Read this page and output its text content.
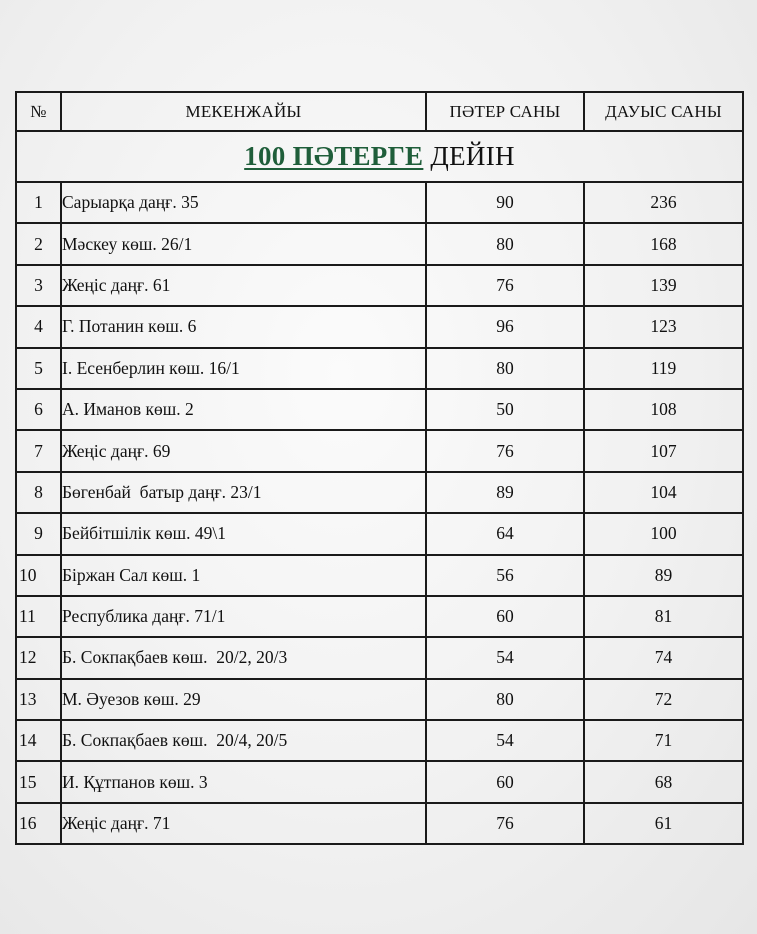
№	МЕКЕНЖАЙЫ	ПӘТЕР САНЫ	ДАУЫС САНЫ
100 ПӘТЕРГЕ ДЕЙІН			
1	Сарыарқа даңғ. 35	90	236
2	Мәскеу көш. 26/1	80	168
3	Жеңіс даңғ. 61	76	139
4	Г. Потанин көш. 6	96	123
5	І. Есенберлин көш. 16/1	80	119
6	А. Иманов көш. 2	50	108
7	Жеңіс даңғ. 69	76	107
8	Бөгенбай  батыр даңғ. 23/1	89	104
9	Бейбітшілік көш. 49\1	64	100
10	Біржан Сал көш. 1	56	89
11	Республика даңғ. 71/1	60	81
12	Б. Сокпақбаев көш.  20/2, 20/3	54	74
13	М. Әуезов көш. 29	80	72
14	Б. Сокпақбаев көш.  20/4, 20/5	54	71
15	И. Құтпанов көш. 3	60	68
16	Жеңіс даңғ. 71	76	61
